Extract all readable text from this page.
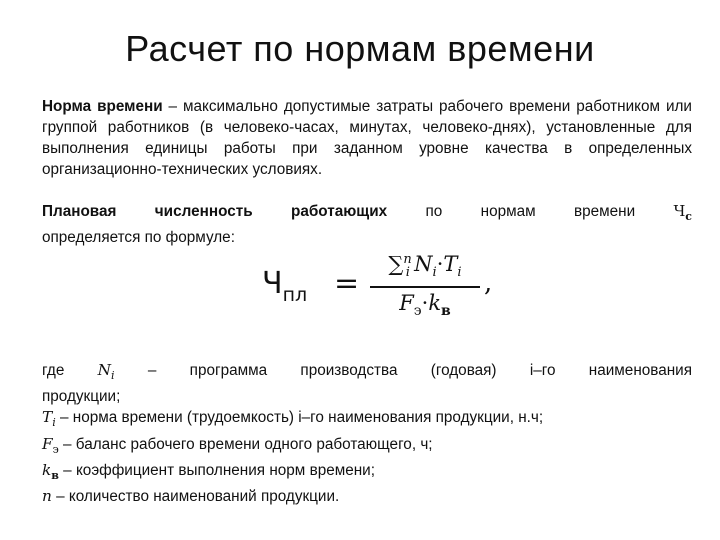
Расчет по нормам времени
Норма времени – максимально допустимые затраты рабочего времени работником или группой работников (в человеко-часах, минутах, человеко-днях), установленные для выполнения единицы работы при заданном уровне качества в определенных организационно-технических условиях.
Плановая	численность	работающих	по нормам времени	$Ч_с$
определяется по формуле:
$Ч_{пл}$ =
∑$^n_i$  $N_i\cdot T_i$
$F_э\cdot k_в$
,
где $N_i$ – программа производства (годовая) i–го наименования
продукции;
$T_i$ – норма времени (трудоемкость) i–го наименования продукции, н.ч;
$F_э$ – баланс рабочего времени одного работающего, ч;
$k_в$ – коэффициент выполнения норм времени;
n – количество наименований продукции.
